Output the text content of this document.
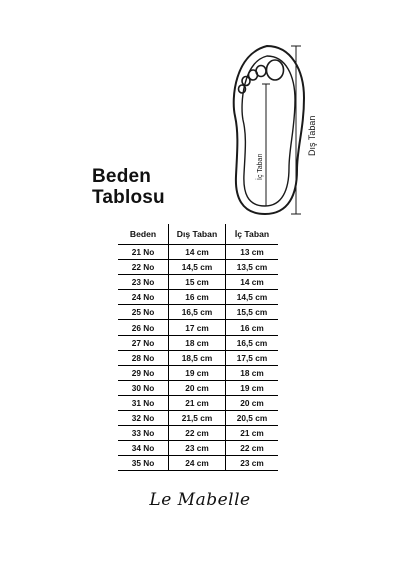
İç Taban
Dış Taban
Beden
Tablosu
Beden	Dış Taban	İç Taban
21 No	14 cm	13 cm
22 No	14,5 cm	13,5 cm
23 No	15 cm	14 cm
24 No	16 cm	14,5 cm
25 No	16,5 cm	15,5 cm
26 No	17 cm	16 cm
27 No	18 cm	16,5 cm
28 No	18,5 cm	17,5 cm
29 No	19 cm	18 cm
30 No	20 cm	19 cm
31 No	21 cm	20 cm
32 No	21,5 cm	20,5 cm
33 No	22 cm	21 cm
34 No	23 cm	22 cm
35 No	24 cm	23 cm
Le Mabelle
